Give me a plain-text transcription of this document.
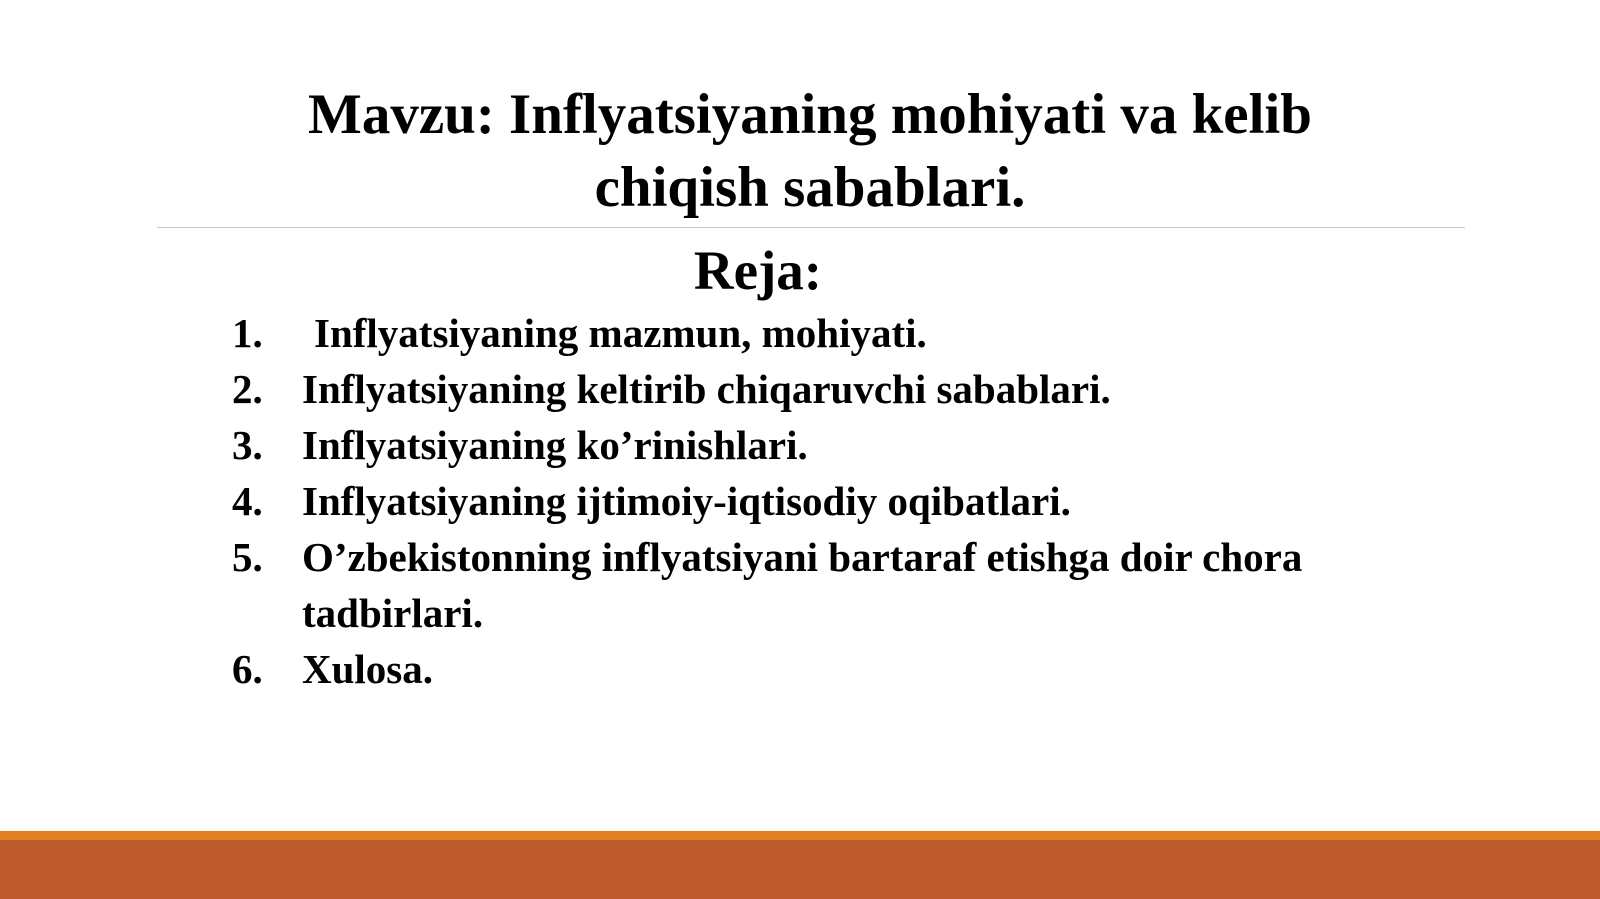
Mavzu: Inflyatsiyaning mohiyati va kelib
chiqish sabablari.
Reja:
1. Inflyatsiyaning mazmun, mohiyati.
2. Inflyatsiyaning keltirib chiqaruvchi sabablari.
3. Inflyatsiyaning ko’rinishlari.
4. Inflyatsiyaning ijtimoiy-iqtisodiy oqibatlari.
5. O’zbekistonning inflyatsiyani bartaraf etishga doir chora tadbirlari.
6. Xulosa.
